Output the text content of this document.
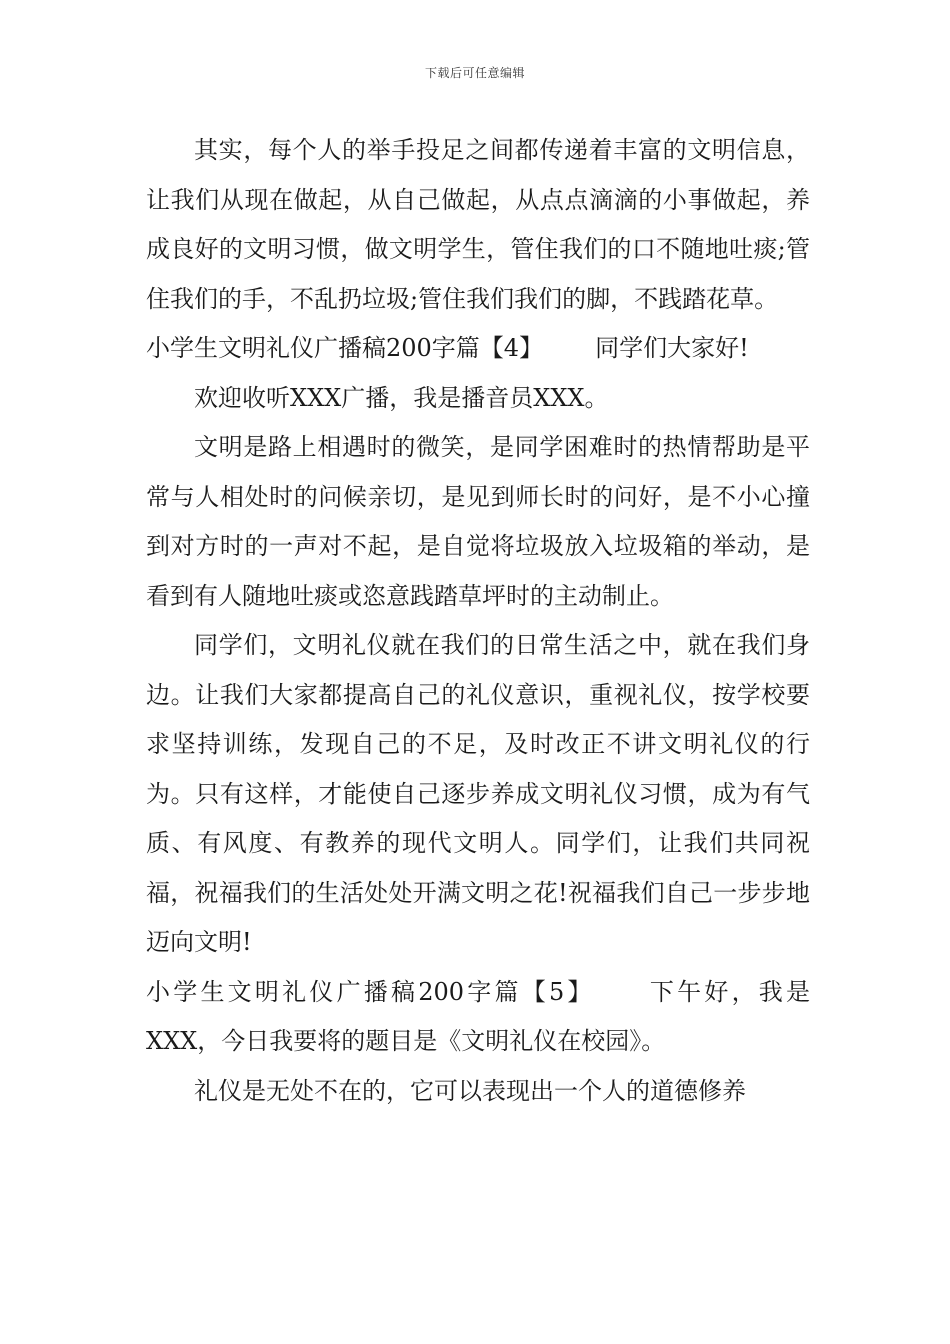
下载后可任意编辑

其实，每个人的举手投足之间都传递着丰富的文明信息，让我们从现在做起，从自己做起，从点点滴滴的小事做起，养成良好的文明习惯，做文明学生，管住我们的口不随地吐痰;管住我们的手，不乱扔垃圾;管住我们我们的脚，不践踏花草。

小学生文明礼仪广播稿200字篇【4】 同学们大家好!

欢迎收听XXX广播，我是播音员XXX。

文明是路上相遇时的微笑，是同学困难时的热情帮助是平常与人相处时的问候亲切，是见到师长时的问好，是不小心撞到对方时的一声对不起，是自觉将垃圾放入垃圾箱的举动，是看到有人随地吐痰或恣意践踏草坪时的主动制止。

同学们，文明礼仪就在我们的日常生活之中，就在我们身边。让我们大家都提高自己的礼仪意识，重视礼仪，按学校要求坚持训练，发现自己的不足，及时改正不讲文明礼仪的行为。只有这样，才能使自己逐步养成文明礼仪习惯，成为有气质、有风度、有教养的现代文明人。同学们，让我们共同祝福，祝福我们的生活处处开满文明之花!祝福我们自己一步步地迈向文明!

小学生文明礼仪广播稿200字篇【5】 下午好，我是XXX，今日我要将的题目是《文明礼仪在校园》。

礼仪是无处不在的，它可以表现出一个人的道德修养
